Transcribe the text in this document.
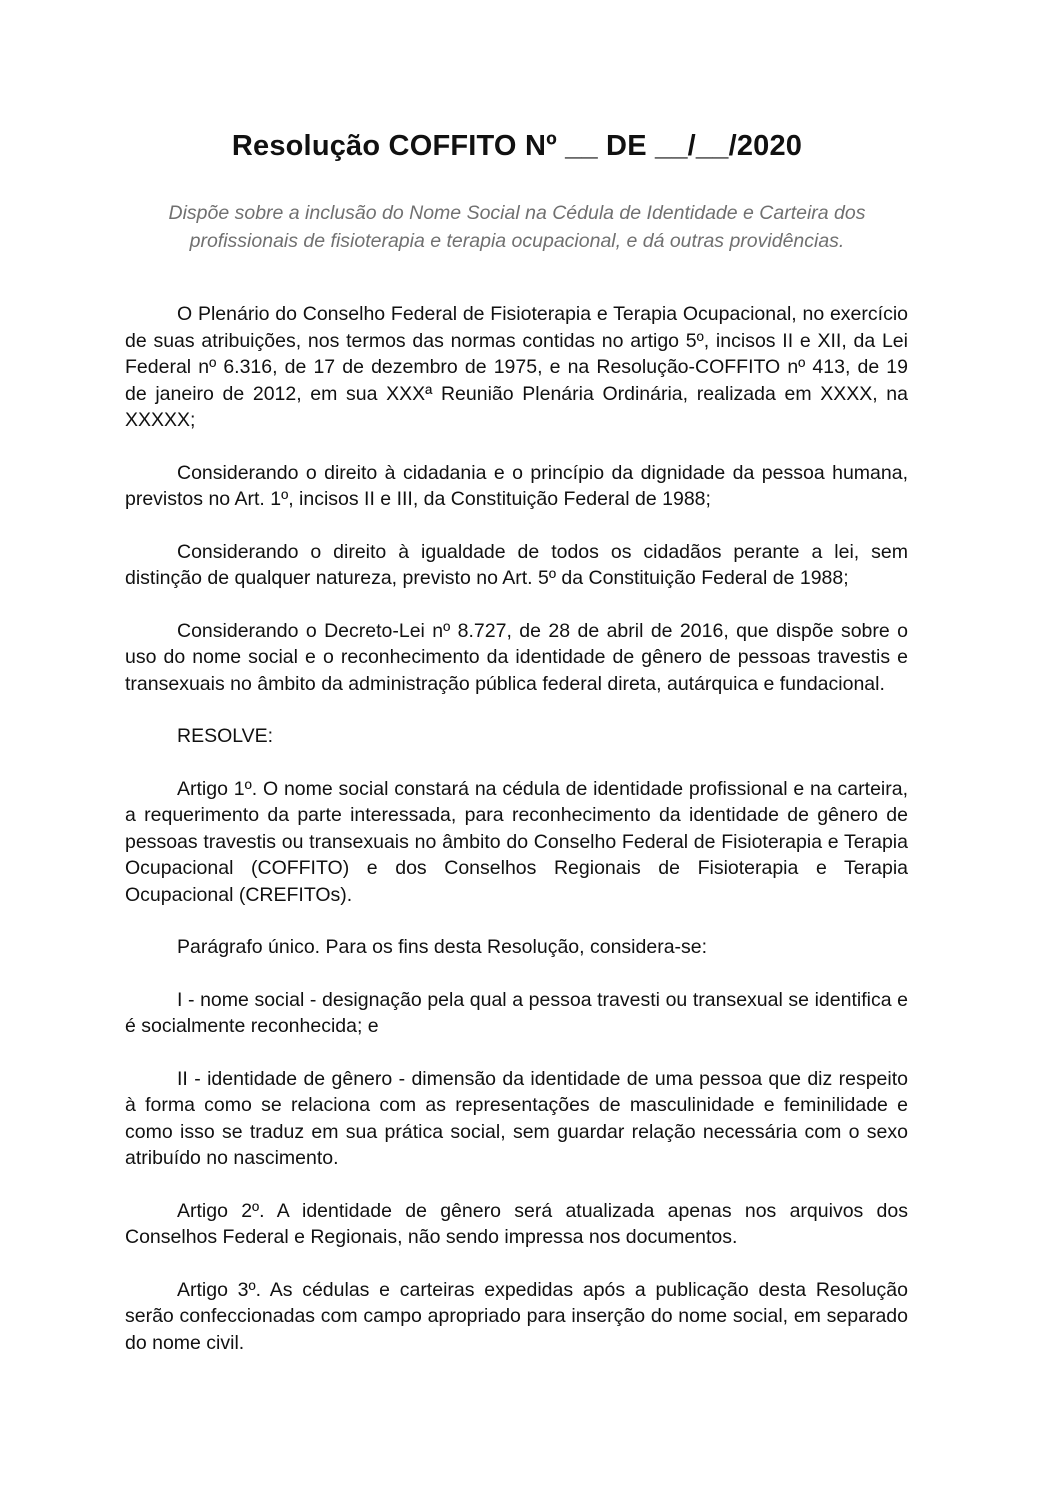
Resolução COFFITO Nº __ DE __/__/2020
Dispõe sobre a inclusão do Nome Social na Cédula de Identidade e Carteira dos profissionais de fisioterapia e terapia ocupacional, e dá outras providências.

O Plenário do Conselho Federal de Fisioterapia e Terapia Ocupacional, no exercício de suas atribuições, nos termos das normas contidas no artigo 5º, incisos II e XII, da Lei Federal nº 6.316, de 17 de dezembro de 1975, e na Resolução-COFFITO nº 413, de 19 de janeiro de 2012, em sua XXXª Reunião Plenária Ordinária, realizada em XXXX, na XXXXX;

Considerando o direito à cidadania e o princípio da dignidade da pessoa humana, previstos no Art. 1º, incisos II e III, da Constituição Federal de 1988;

Considerando o direito à igualdade de todos os cidadãos perante a lei, sem distinção de qualquer natureza, previsto no Art. 5º da Constituição Federal de 1988;

Considerando o Decreto-Lei nº 8.727, de 28 de abril de 2016, que dispõe sobre o uso do nome social e o reconhecimento da identidade de gênero de pessoas travestis e transexuais no âmbito da administração pública federal direta, autárquica e fundacional.

RESOLVE:

Artigo 1º. O nome social constará na cédula de identidade profissional e na carteira, a requerimento da parte interessada, para reconhecimento da identidade de gênero de pessoas travestis ou transexuais no âmbito do Conselho Federal de Fisioterapia e Terapia Ocupacional (COFFITO) e dos Conselhos Regionais de Fisioterapia e Terapia Ocupacional (CREFITOs).

Parágrafo único. Para os fins desta Resolução, considera-se:

I - nome social - designação pela qual a pessoa travesti ou transexual se identifica e é socialmente reconhecida; e

II - identidade de gênero - dimensão da identidade de uma pessoa que diz respeito à forma como se relaciona com as representações de masculinidade e feminilidade e como isso se traduz em sua prática social, sem guardar relação necessária com o sexo atribuído no nascimento.

Artigo 2º. A identidade de gênero será atualizada apenas nos arquivos dos Conselhos Federal e Regionais, não sendo impressa nos documentos.

Artigo 3º. As cédulas e carteiras expedidas após a publicação desta Resolução serão confeccionadas com campo apropriado para inserção do nome social, em separado do nome civil.
